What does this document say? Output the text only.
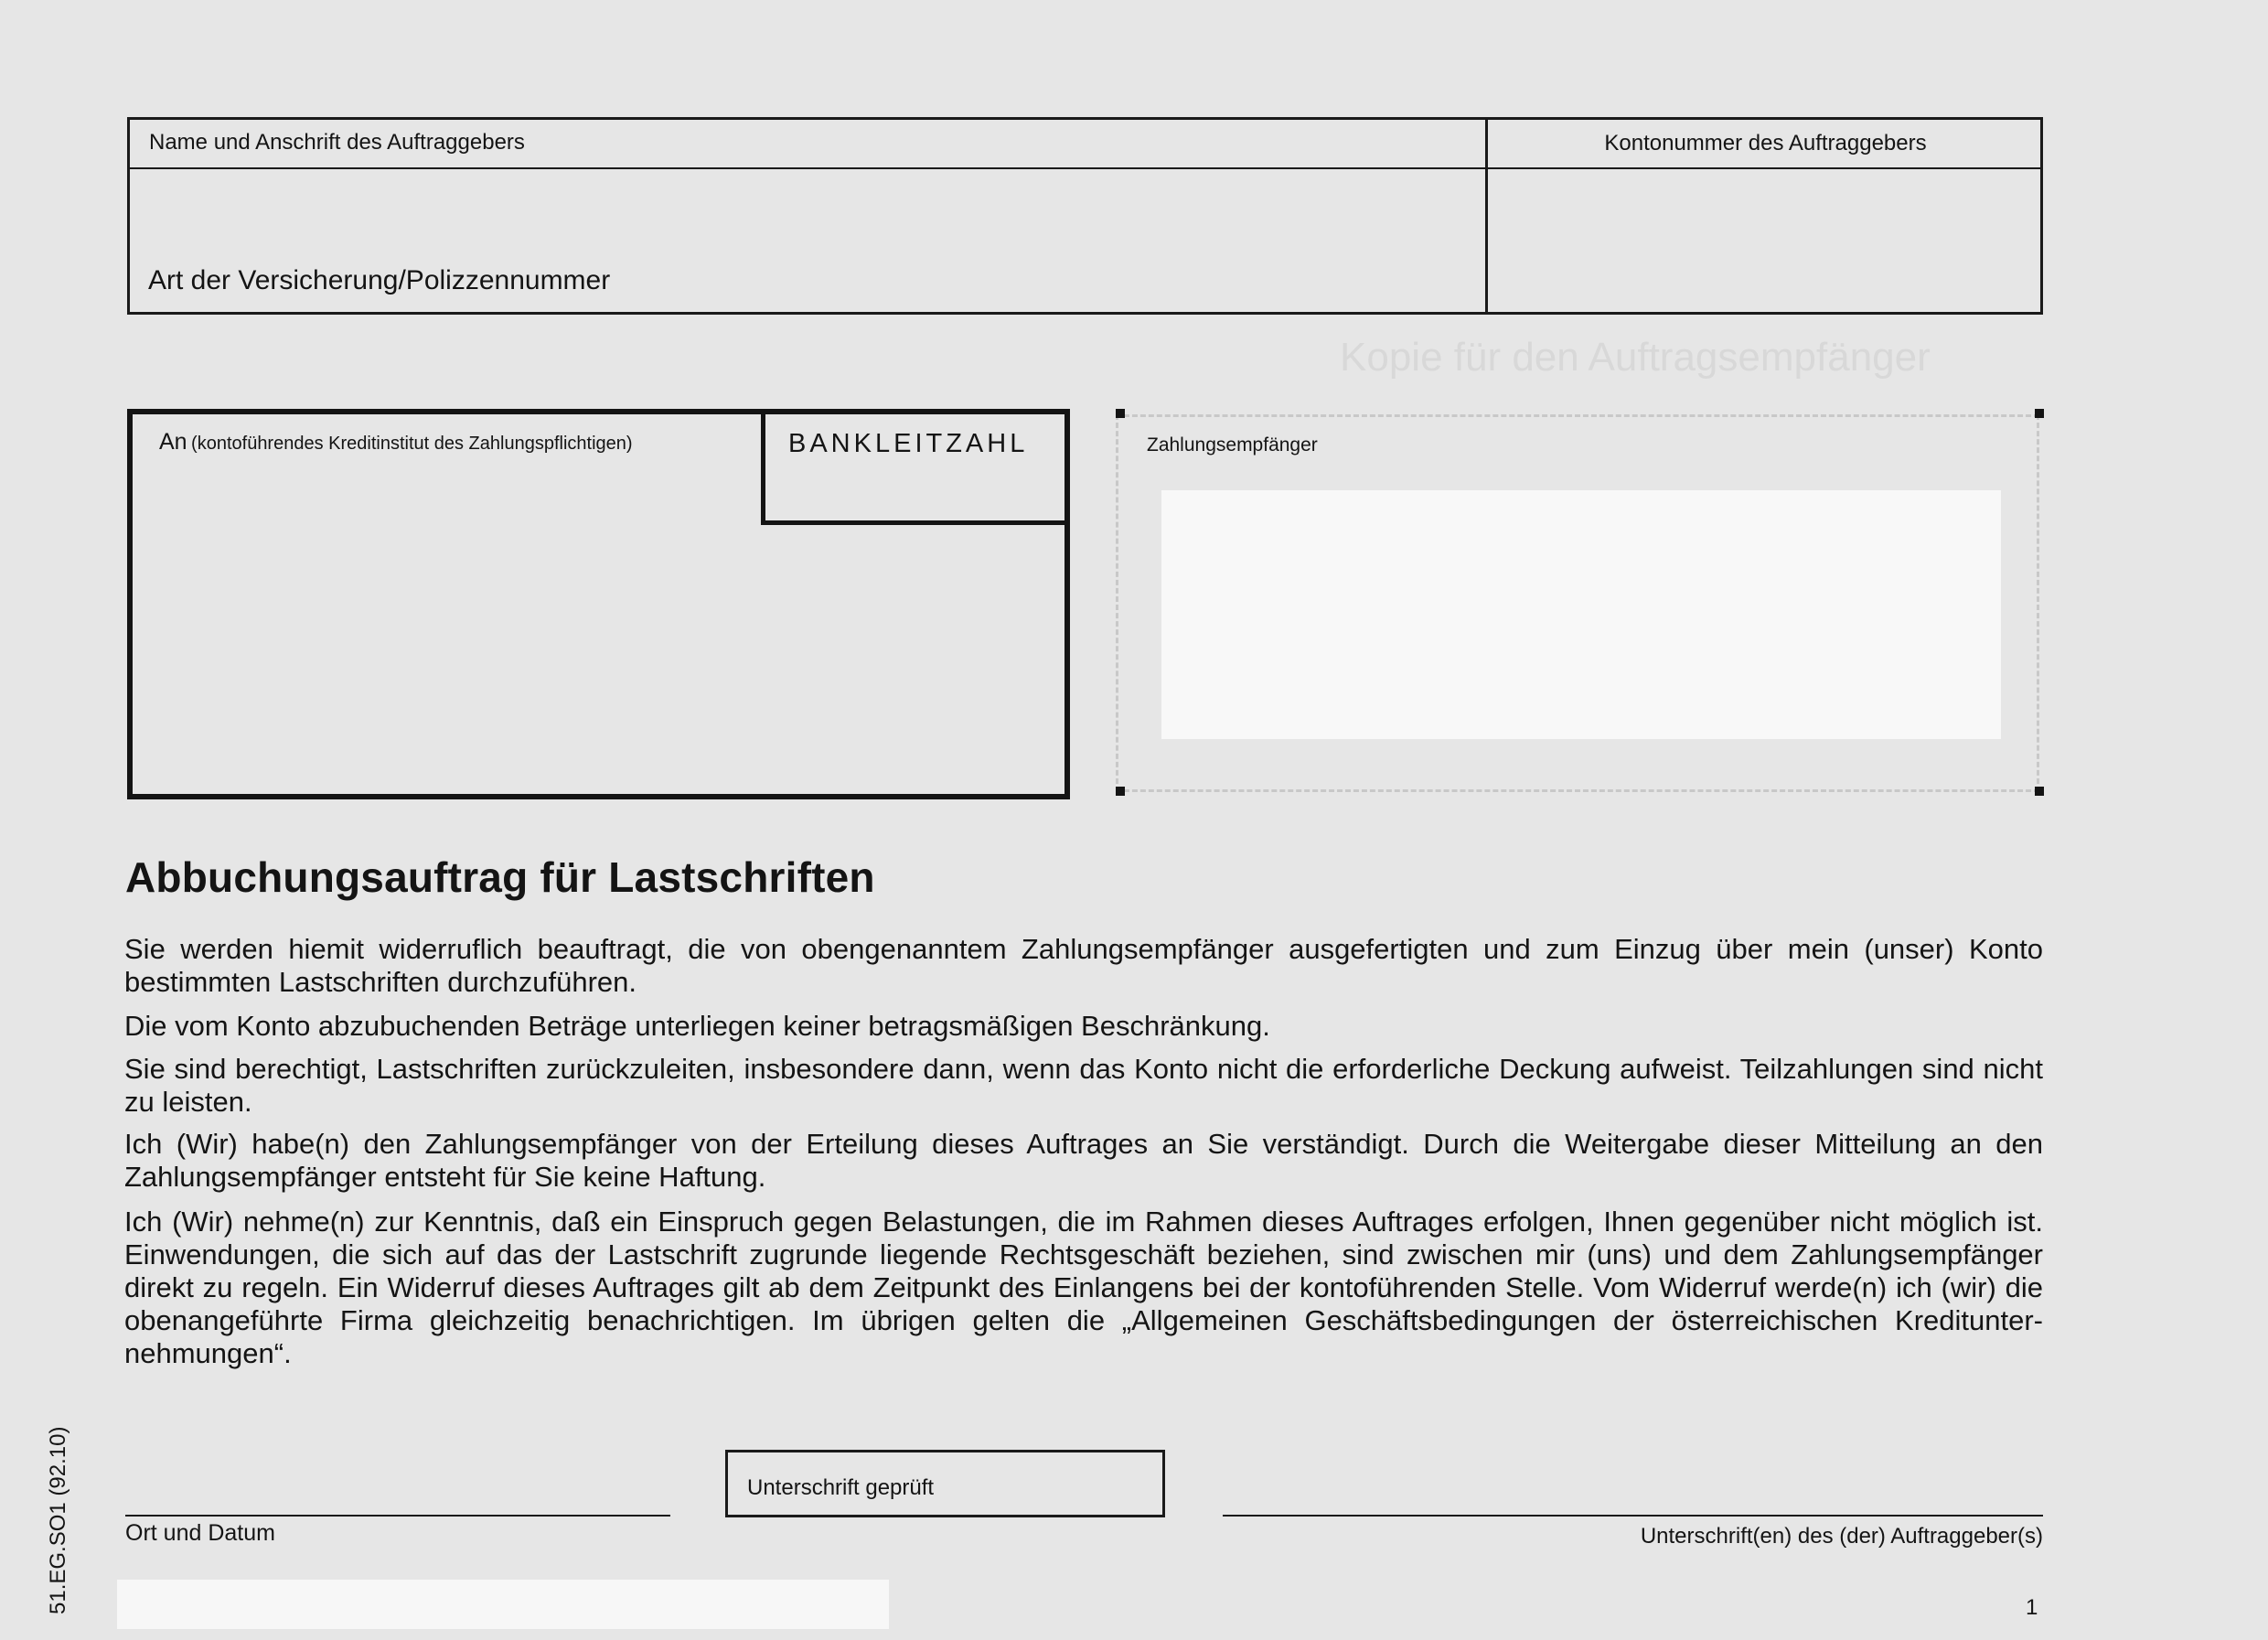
Name und Anschrift des Auftraggebers	Kontonummer des Auftraggebers
Art der Versicherung/Polizzennummer
Kopie für den Auftragsempfänger
An (kontoführendes Kreditinstitut des Zahlungspflichtigen)	BANKLEITZAHL	Zahlungsempfänger
Abbuchungsauftrag für Lastschriften
Sie werden hiemit widerruflich beauftragt, die von obengenanntem Zahlungsempfänger ausgefertigten und zum Einzug über mein (unser) Konto bestimmten Lastschriften durchzuführen.
Die vom Konto abzubuchenden Beträge unterliegen keiner betragsmäßigen Beschränkung.
Sie sind berechtigt, Lastschriften zurückzuleiten, insbesondere dann, wenn das Konto nicht die erforderliche Deckung aufweist. Teilzahlungen sind nicht zu leisten.
Ich (Wir) habe(n) den Zahlungsempfänger von der Erteilung dieses Auftrages an Sie verständigt. Durch die Weitergabe dieser Mitteilung an den Zahlungsempfänger entsteht für Sie keine Haftung.
Ich (Wir) nehme(n) zur Kenntnis, daß ein Einspruch gegen Belastungen, die im Rahmen dieses Auftrages erfolgen, Ihnen gegenüber nicht möglich ist. Einwendungen, die sich auf das der Lastschrift zugrunde liegende Rechtsgeschäft beziehen, sind zwischen mir (uns) und dem Zahlungsempfänger direkt zu regeln. Ein Widerruf dieses Auftrages gilt ab dem Zeitpunkt des Einlangens bei der kontoführenden Stelle. Vom Widerruf werde(n) ich (wir) die obenangeführte Firma gleichzeitig benachrichtigen. Im übrigen gelten die „Allgemeinen Geschäftsbedingungen der österreichischen Kreditunter-nehmungen“.
Ort und Datum
Unterschrift geprüft
Unterschrift(en) des (der) Auftraggeber(s)
51.EG.SO1 (92.10)	1
